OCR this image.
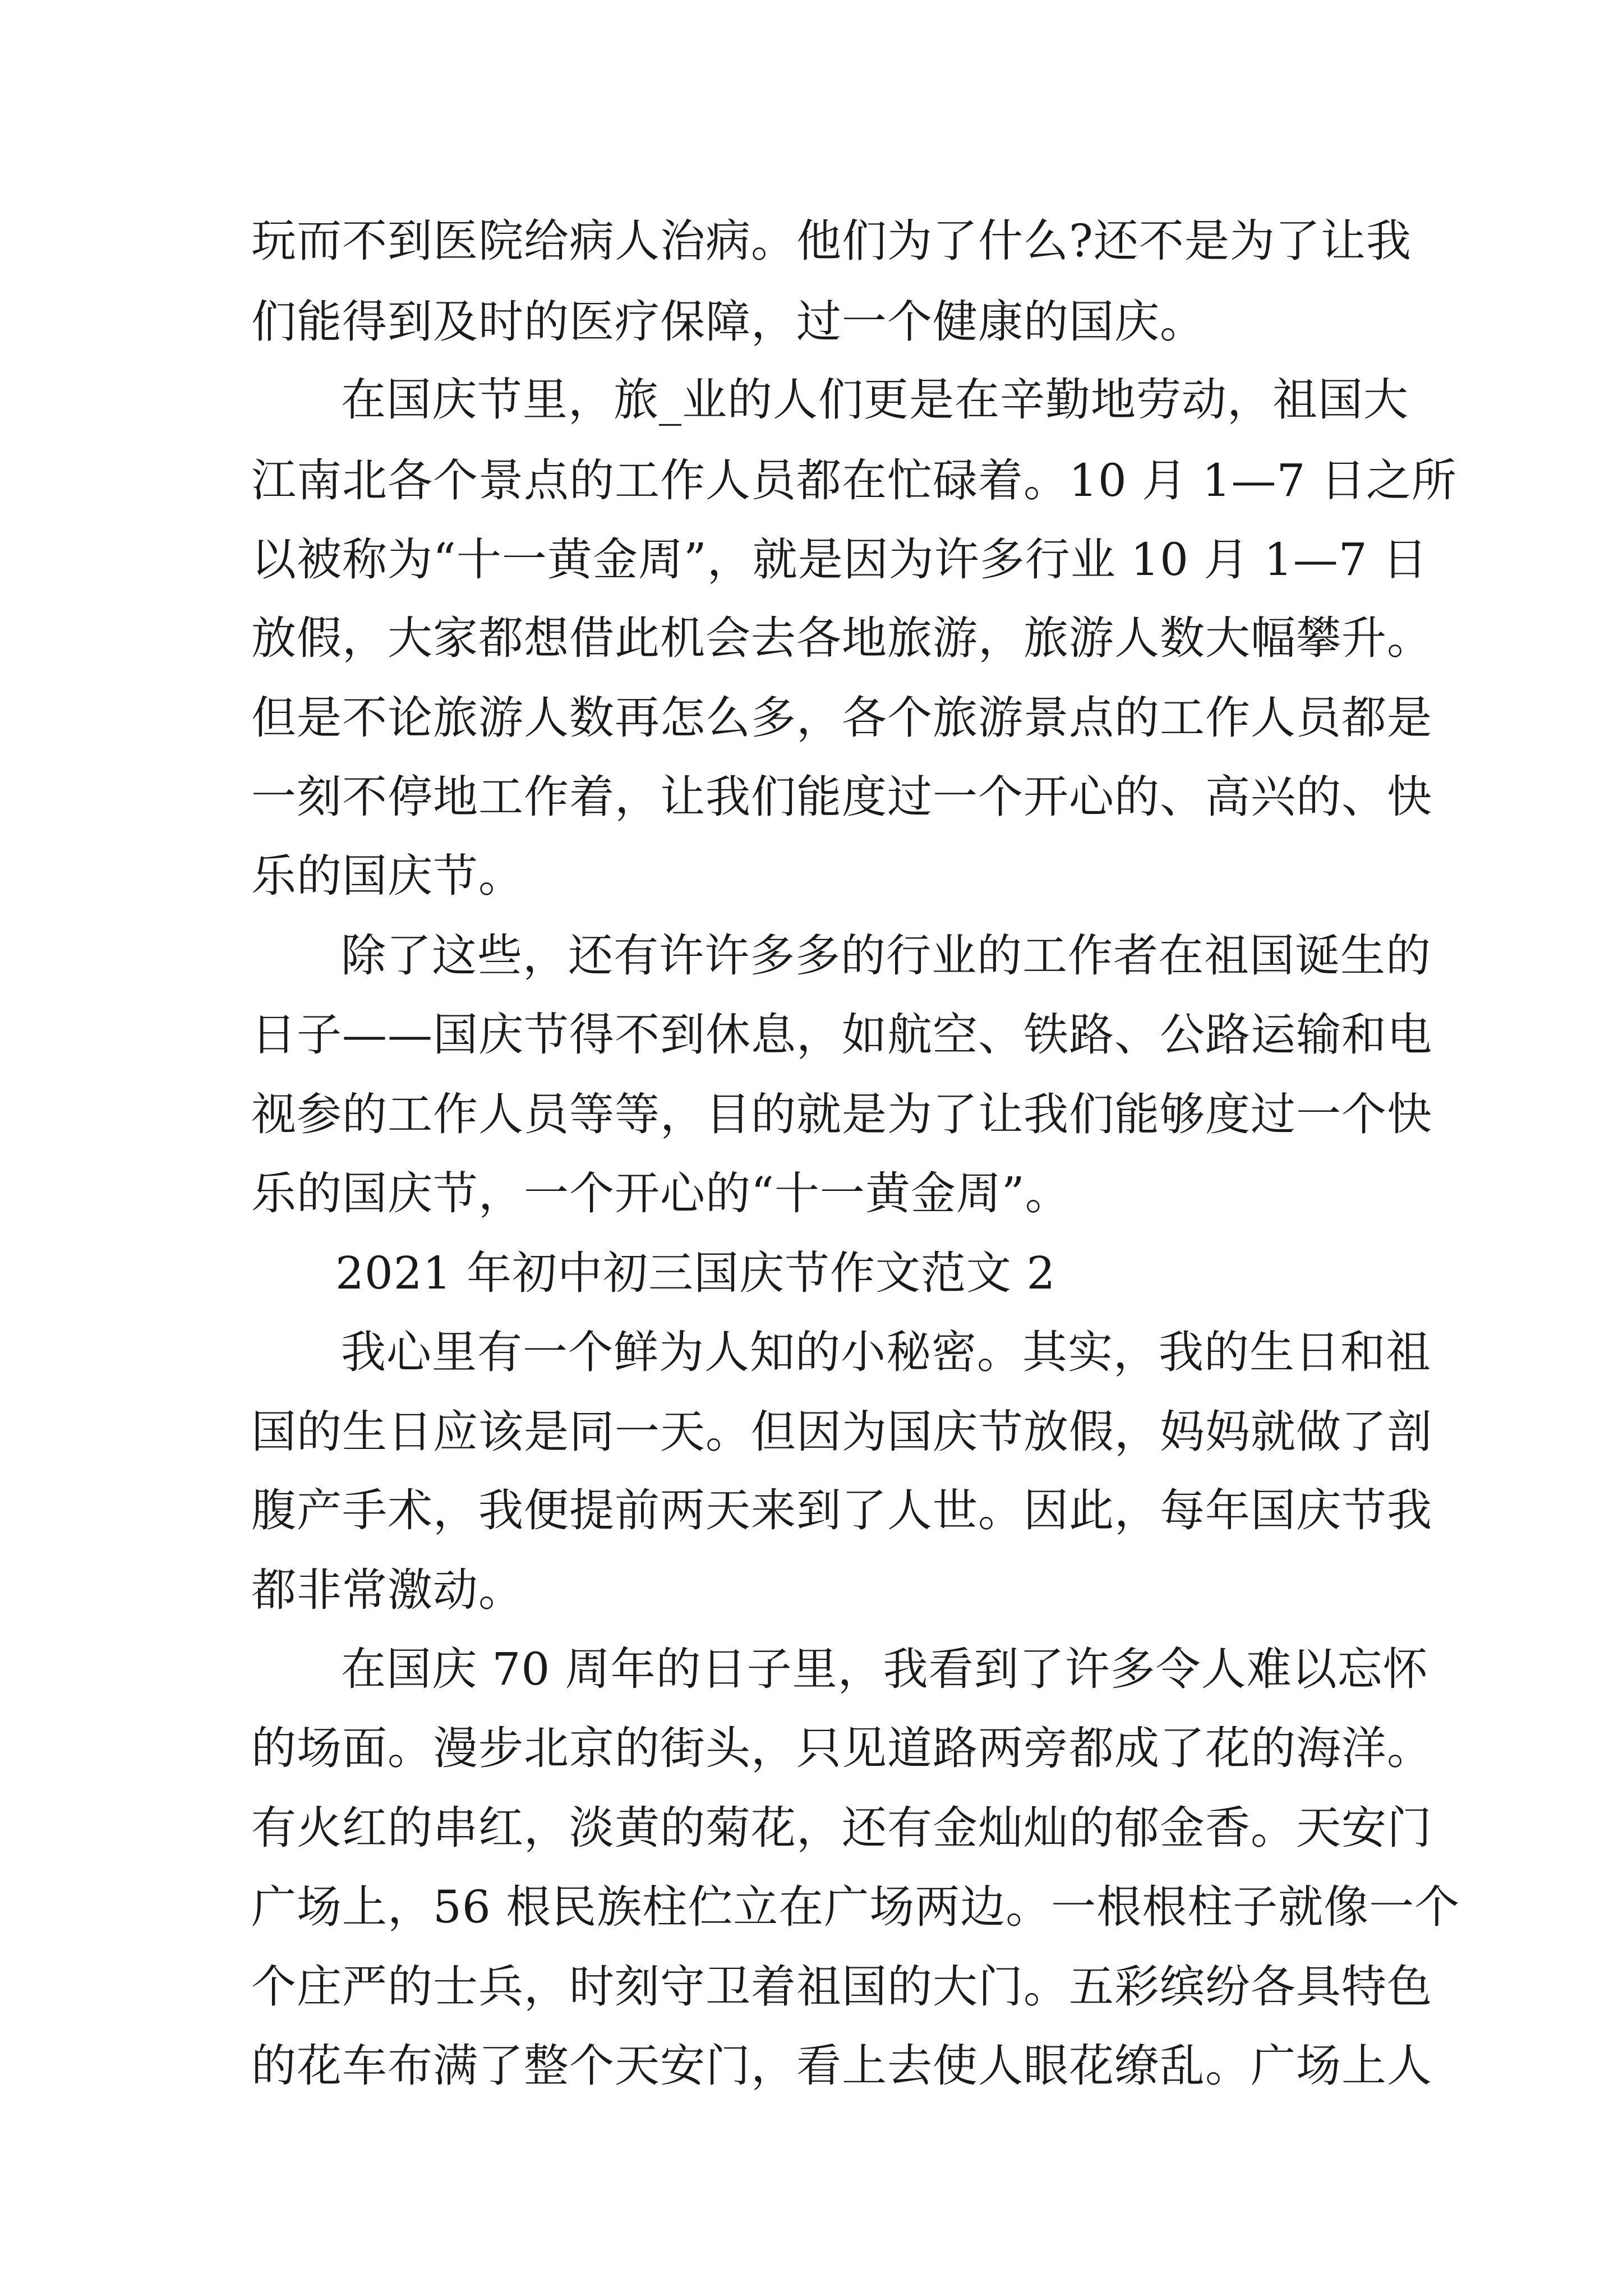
玩而不到医院给病人治病。他们为了什么?还不是为了让我
们能得到及时的医疗保障，过一个健康的国庆。
在国庆节里，旅_业的人们更是在辛勤地劳动，祖国大
江南北各个景点的工作人员都在忙碌着。10 月 1—7 日之所
以被称为“十一黄金周”，就是因为许多行业 10 月 1—7 日
放假，大家都想借此机会去各地旅游，旅游人数大幅攀升。
但是不论旅游人数再怎么多，各个旅游景点的工作人员都是
一刻不停地工作着，让我们能度过一个开心的、高兴的、快
乐的国庆节。
除了这些，还有许许多多的行业的工作者在祖国诞生的
日子——国庆节得不到休息，如航空、铁路、公路运输和电
视参的工作人员等等，目的就是为了让我们能够度过一个快
乐的国庆节，一个开心的“十一黄金周”。
2021 年初中初三国庆节作文范文 2
我心里有一个鲜为人知的小秘密。其实，我的生日和祖
国的生日应该是同一天。但因为国庆节放假，妈妈就做了剖
腹产手术，我便提前两天来到了人世。因此，每年国庆节我
都非常激动。
在国庆 70 周年的日子里，我看到了许多令人难以忘怀
的场面。漫步北京的街头，只见道路两旁都成了花的海洋。
有火红的串红，淡黄的菊花，还有金灿灿的郁金香。天安门
广场上，56 根民族柱伫立在广场两边。一根根柱子就像一个
个庄严的士兵，时刻守卫着祖国的大门。五彩缤纷各具特色
的花车布满了整个天安门，看上去使人眼花缭乱。广场上人
